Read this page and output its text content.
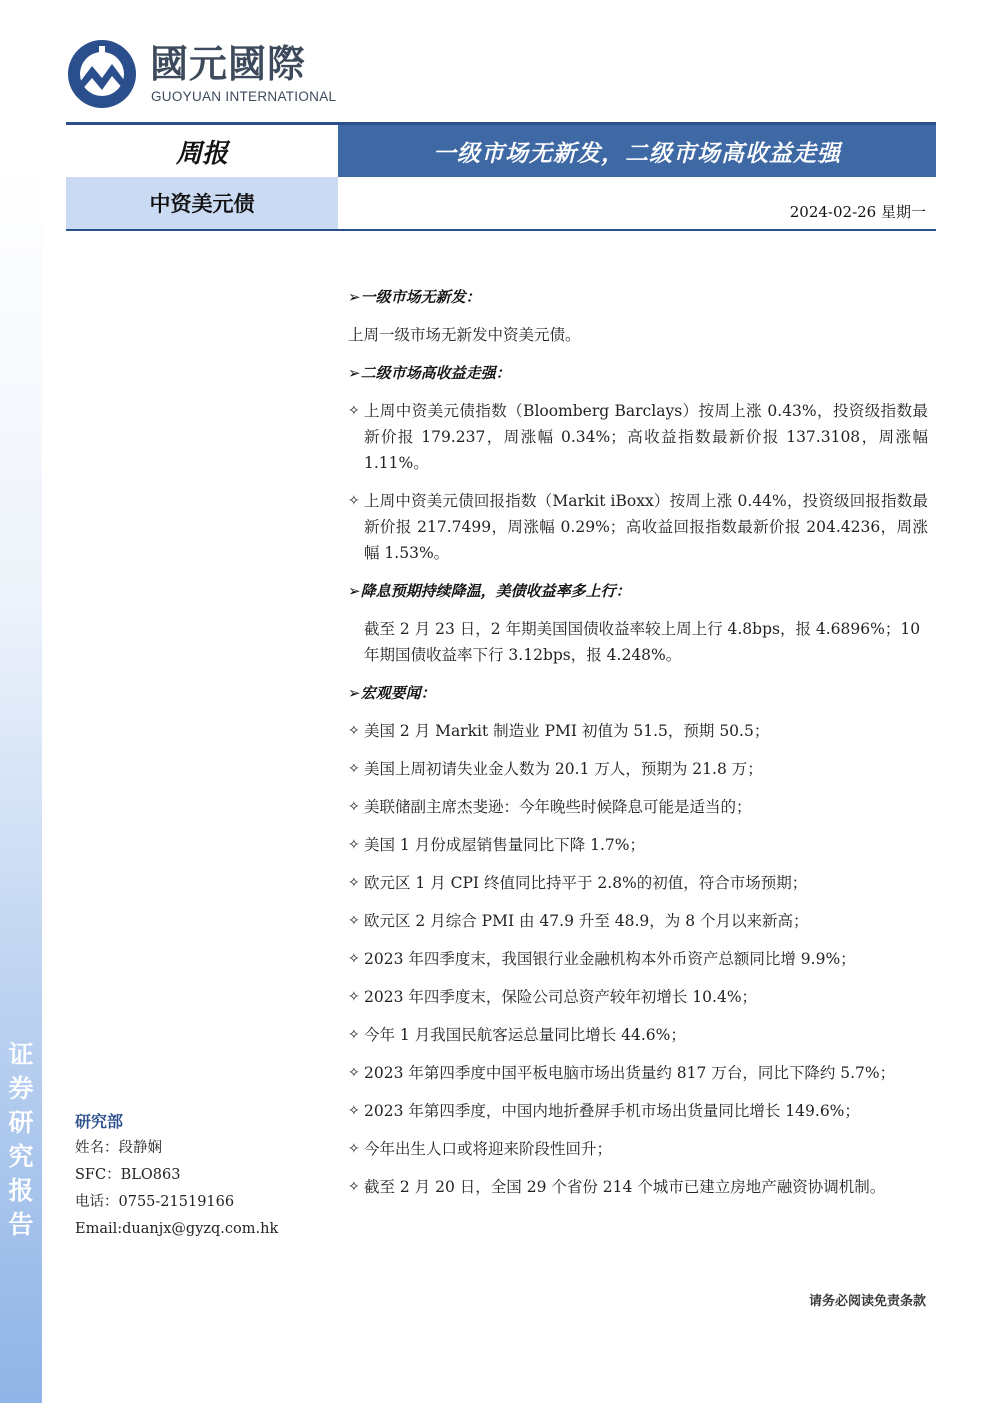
证
券
研
究
报
告
國元國際
GUOYUAN INTERNATIONAL
周报	一级市场无新发，二级市场高收益走强
中资美元债	2024-02-26 星期一
➢一级市场无新发：
上周一级市场无新发中资美元债。
➢二级市场高收益走强：
✧ 上周中资美元债指数（Bloomberg Barclays）按周上涨 0.43%，投资级指数最新价报 179.237，周涨幅 0.34%；高收益指数最新价报 137.3108，周涨幅 1.11%。
✧ 上周中资美元债回报指数（Markit iBoxx）按周上涨 0.44%，投资级回报指数最新价报 217.7499，周涨幅 0.29%；高收益回报指数最新价报 204.4236，周涨幅 1.53%。
➢降息预期持续降温，美债收益率多上行：
截至 2 月 23 日，2 年期美国国债收益率较上周上行 4.8bps，报 4.6896%；10 年期国债收益率下行 3.12bps，报 4.248%。
➢宏观要闻：
✧ 美国 2 月 Markit 制造业 PMI 初值为 51.5，预期 50.5；
✧ 美国上周初请失业金人数为 20.1 万人，预期为 21.8 万；
✧ 美联储副主席杰斐逊：今年晚些时候降息可能是适当的；
✧ 美国 1 月份成屋销售量同比下降 1.7%；
✧ 欧元区 1 月 CPI 终值同比持平于 2.8%的初值，符合市场预期；
✧ 欧元区 2 月综合 PMI 由 47.9 升至 48.9，为 8 个月以来新高；
✧ 2023 年四季度末，我国银行业金融机构本外币资产总额同比增 9.9%；
✧ 2023 年四季度末，保险公司总资产较年初增长 10.4%；
✧ 今年 1 月我国民航客运总量同比增长 44.6%；
✧ 2023 年第四季度中国平板电脑市场出货量约 817 万台，同比下降约 5.7%；
✧ 2023 年第四季度，中国内地折叠屏手机市场出货量同比增长 149.6%；
✧ 今年出生人口或将迎来阶段性回升；
✧ 截至 2 月 20 日，全国 29 个省份 214 个城市已建立房地产融资协调机制。
研究部
姓名：段静娴
SFC：BLO863
电话：0755-21519166
Email:duanjx@gyzq.com.hk
请务必阅读免责条款
